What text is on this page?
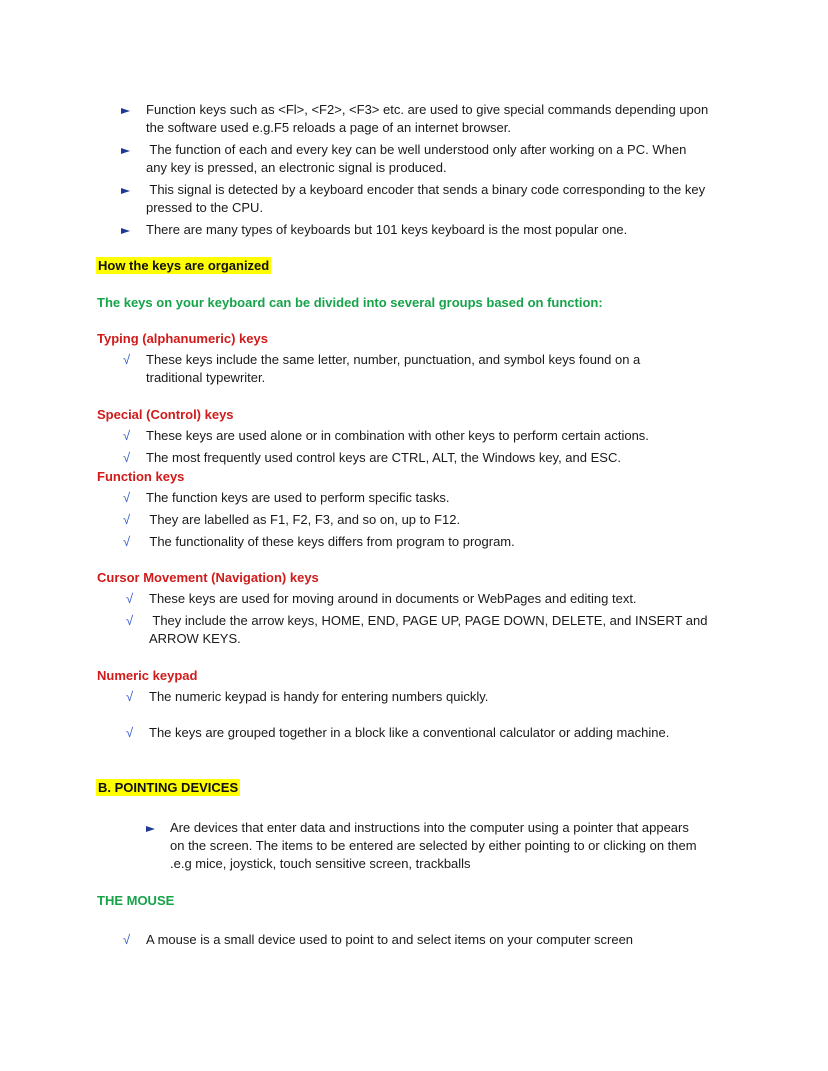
Function keys such as <Fl>, <F2>, <F3> etc. are used to give special commands depending upon
the software used e.g.F5 reloads a page of an internet browser.
The function of each and every key can be well understood only after working on a PC. When
any key is pressed, an electronic signal is produced.
This signal is detected by a keyboard encoder that sends a binary code corresponding to the key
pressed to the CPU.
There are many types of keyboards but 101 keys keyboard is the most popular one.
How the keys are organized
The keys on your keyboard can be divided into several groups based on function:
Typing (alphanumeric) keys
√ These keys include the same letter, number, punctuation, and symbol keys found on a
traditional typewriter.
Special (Control) keys
√ These keys are used alone or in combination with other keys to perform certain actions.
√ The most frequently used control keys are CTRL, ALT, the Windows key, and ESC.
Function keys
√ The function keys are used to perform specific tasks.
√ They are labelled as F1, F2, F3, and so on, up to F12.
√ The functionality of these keys differs from program to program.
Cursor Movement (Navigation) keys
√ These keys are used for moving around in documents or WebPages and editing text.
√ They include the arrow keys, HOME, END, PAGE UP, PAGE DOWN, DELETE, and INSERT and
ARROW KEYS.
Numeric keypad
√ The numeric keypad is handy for entering numbers quickly.
√ The keys are grouped together in a block like a conventional calculator or adding machine.
B. POINTING DEVICES
Are devices that enter data and instructions into the computer using a pointer that appears
on the screen. The items to be entered are selected by either pointing to or clicking on them
.e.g mice, joystick, touch sensitive screen, trackballs
THE MOUSE
√ A mouse is a small device used to point to and select items on your computer screen
